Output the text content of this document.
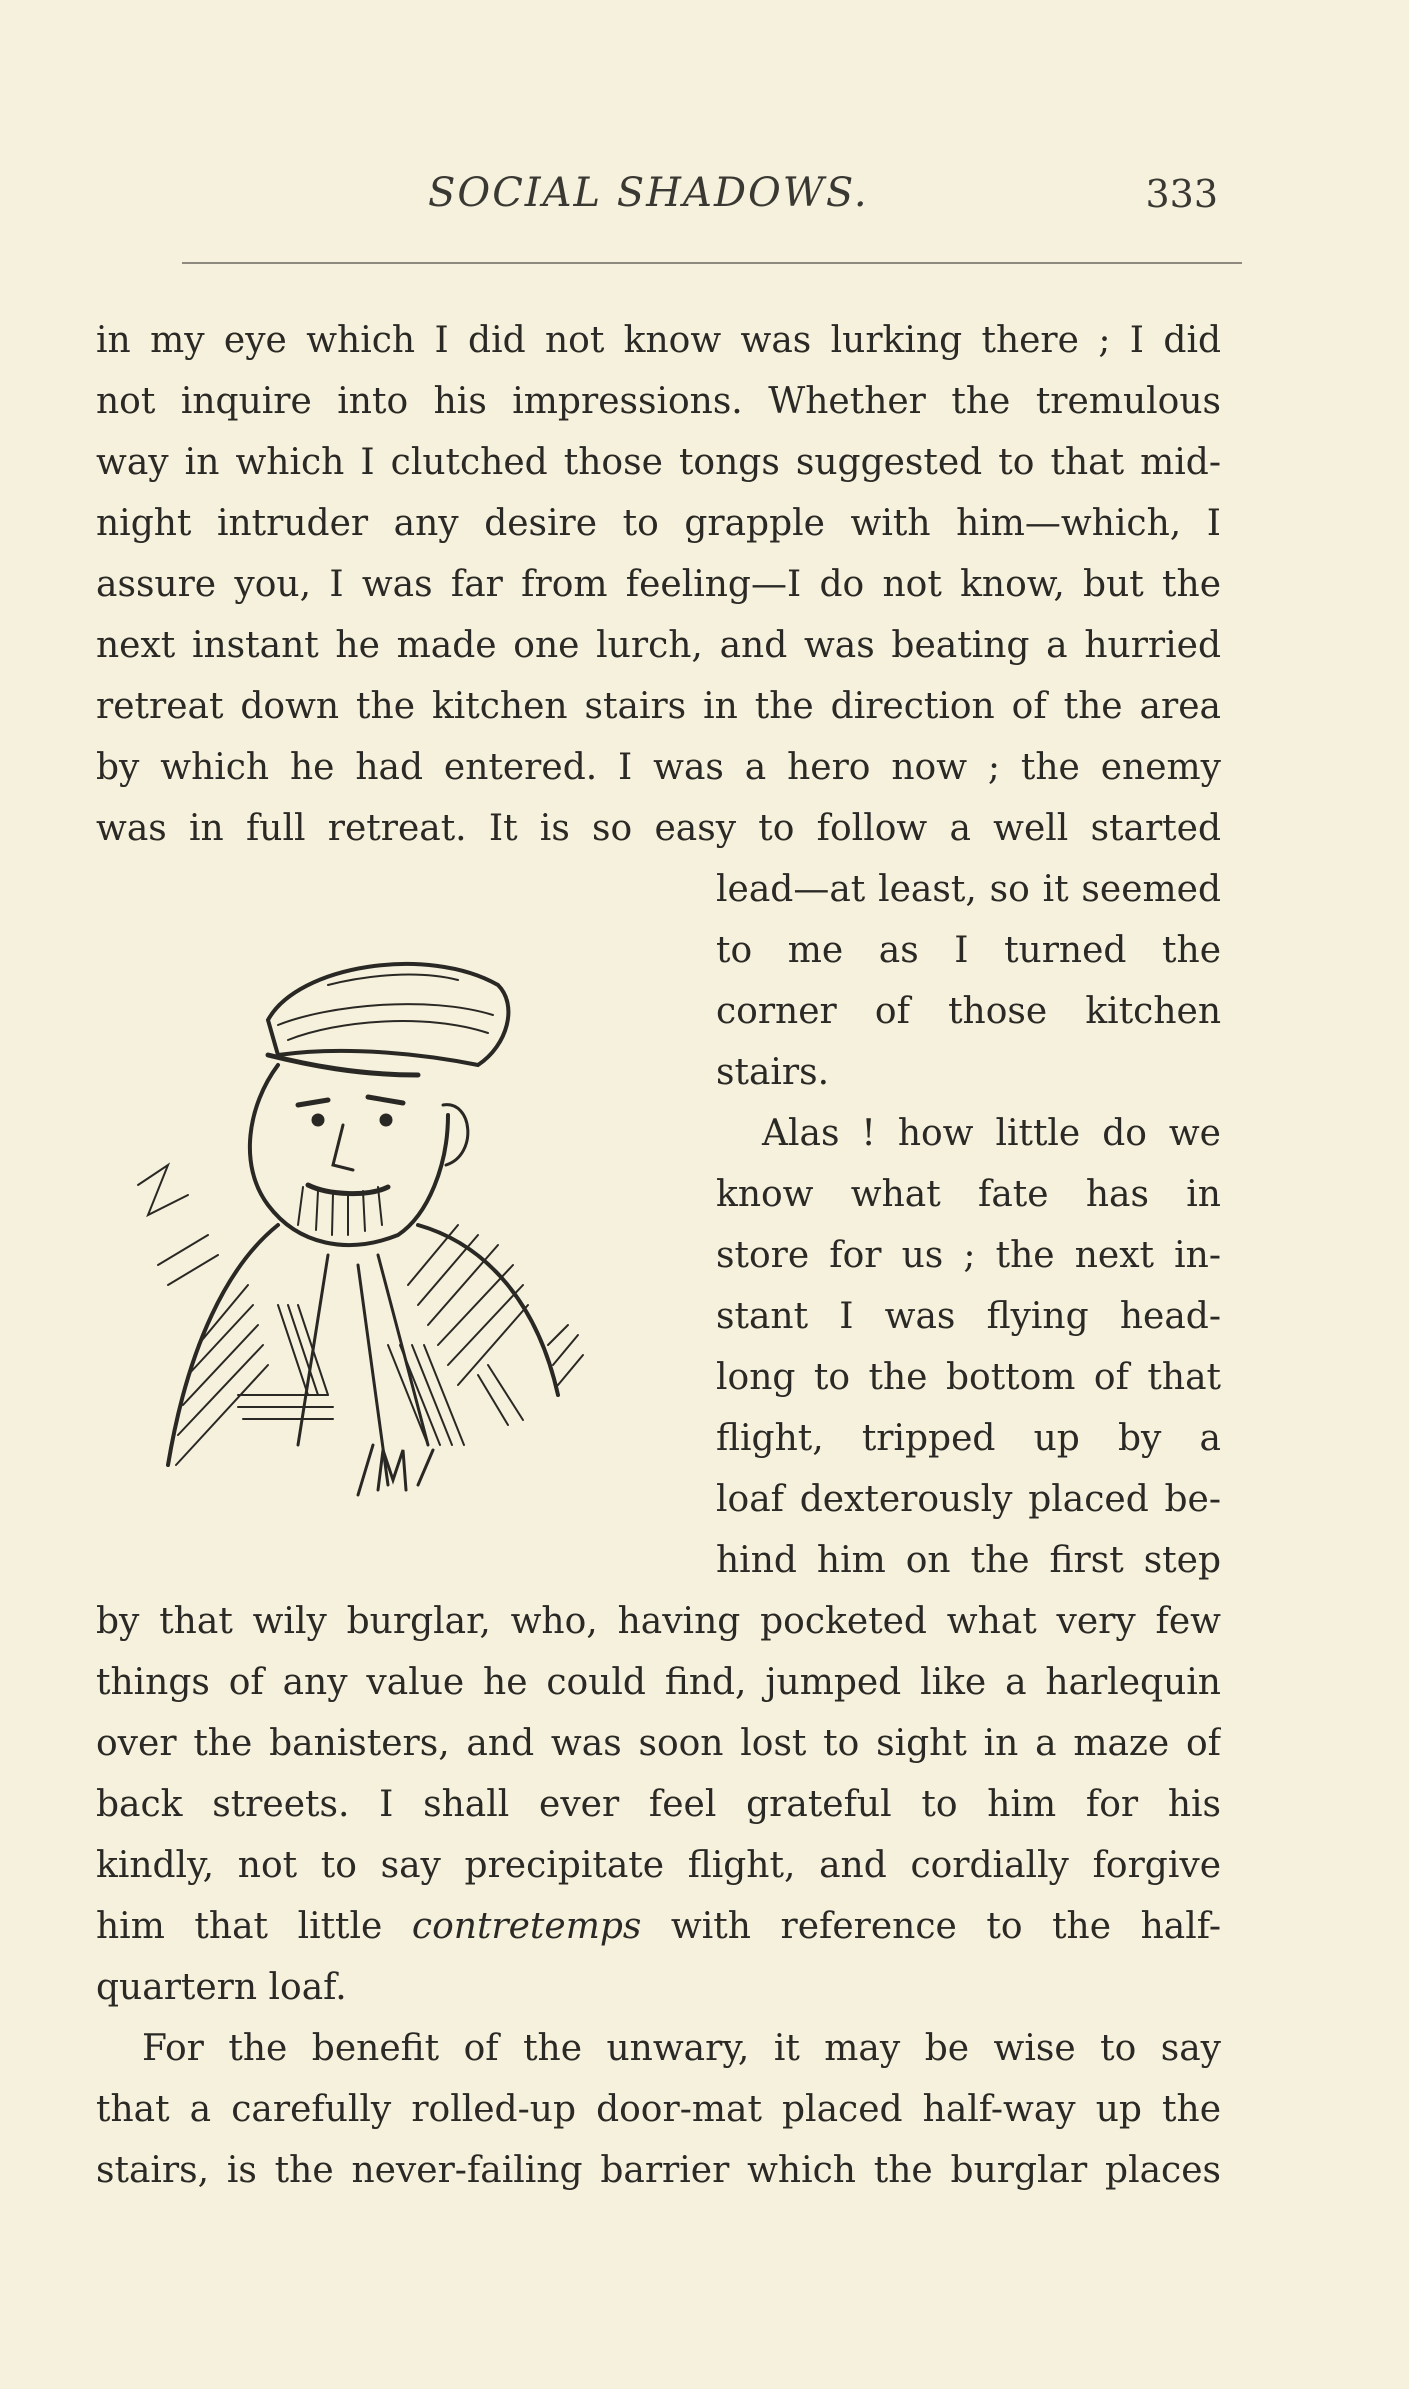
SOCIAL SHADOWS.	333
in my eye which I did not know was lurking there ; I did
not inquire into his impressions. Whether the tremulous
way in which I clutched those tongs suggested to that mid-
night intruder any desire to grapple with him—which, I
assure you, I was far from feeling—I do not know, but the
next instant he made one lurch, and was beating a hurried
retreat down the kitchen stairs in the direction of the area
by which he had entered. I was a hero now ; the enemy
was in full retreat. It is so easy to follow a well started
lead—at least, so it seemed
to me as I turned the
corner of those kitchen
stairs.
Alas ! how little do we
know what fate has in
store for us ; the next in-
stant I was flying head-
long to the bottom of that
flight, tripped up by a
loaf dexterously placed be-
hind him on the first step
by that wily burglar, who, having pocketed what very few
things of any value he could find, jumped like a harlequin
over the banisters, and was soon lost to sight in a maze of
back streets. I shall ever feel grateful to him for his
kindly, not to say precipitate flight, and cordially forgive
him that little contretemps with reference to the half-
quartern loaf.
For the benefit of the unwary, it may be wise to say
that a carefully rolled-up door-mat placed half-way up the
stairs, is the never-failing barrier which the burglar places
